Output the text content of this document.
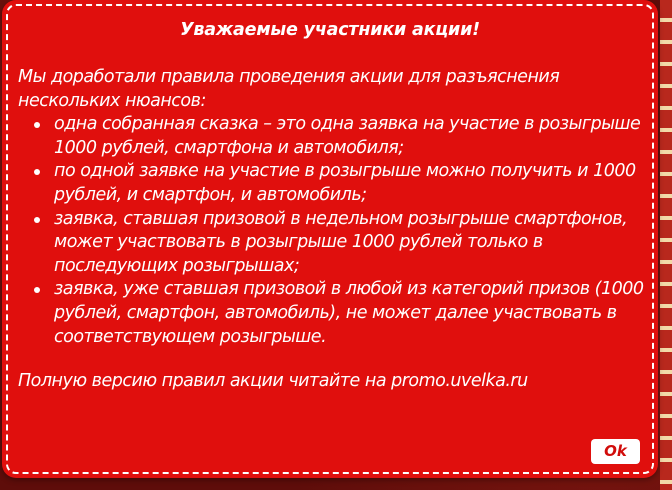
Уважаемые участники акции!

Мы доработали правила проведения акции для разъяснения нескольких нюансов:

одна собранная сказка – это одна заявка на участие в розыгрыше 1000 рублей, смартфона и автомобиля;
по одной заявке на участие в розыгрыше можно получить и 1000 рублей, и смартфон, и автомобиль;
заявка, ставшая призовой в недельном розыгрыше смартфонов, может участвовать в розыгрыше 1000 рублей только в последующих розыгрышах;
заявка, уже ставшая призовой в любой из категорий призов (1000 рублей, смартфон, автомобиль), не может далее участвовать в соответствующем розыгрыше.

Полную версию правил акции читайте на promo.uvelka.ru

Ok
